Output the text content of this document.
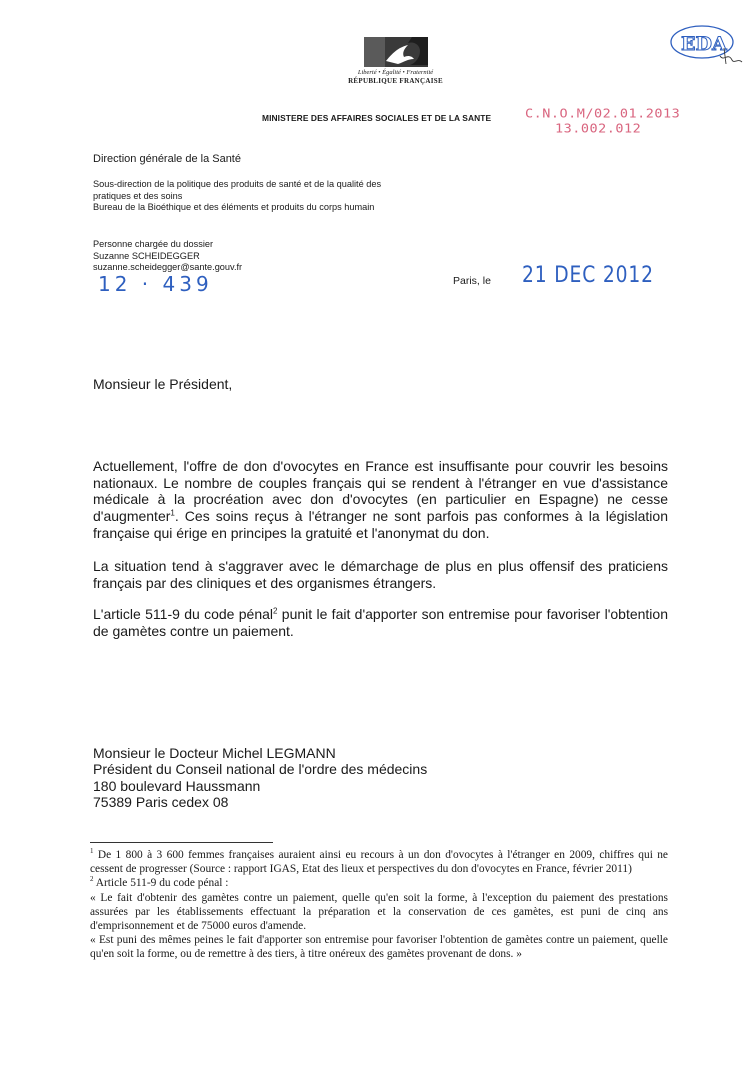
Liberté • Égalité • Fraternité
RÉPUBLIQUE FRANÇAISE
MINISTERE DES AFFAIRES SOCIALES ET DE LA SANTE	C.N.O.M/02.01.2013
13.002.012
EDA
Direction générale de la Santé
Sous-direction de la politique des produits de santé et de la qualité des pratiques et des soins
Bureau de la Bioéthique et des éléments et produits du corps humain
Personne chargée du dossier
Suzanne SCHEIDEGGER
suzanne.scheidegger@sante.gouv.fr
12 · 439	Paris, le 21 DEC 2012
Monsieur le Président,
Actuellement, l'offre de don d'ovocytes en France est insuffisante pour couvrir les besoins nationaux. Le nombre de couples français qui se rendent à l'étranger en vue d'assistance médicale à la procréation avec don d'ovocytes (en particulier en Espagne) ne cesse d'augmenter$^1$. Ces soins reçus à l'étranger ne sont parfois pas conformes à la législation française qui érige en principes la gratuité et l'anonymat du don.
La situation tend à s'aggraver avec le démarchage de plus en plus offensif des praticiens français par des cliniques et des organismes étrangers.
L'article 511-9 du code pénal$^2$ punit le fait d'apporter son entremise pour favoriser l'obtention de gamètes contre un paiement.
Monsieur le Docteur Michel LEGMANN
Président du Conseil national de l'ordre des médecins
180 boulevard Haussmann
75389 Paris cedex 08

$^1$ De 1 800 à 3 600 femmes françaises auraient ainsi eu recours à un don d'ovocytes à l'étranger en 2009, chiffres qui ne cessent de progresser (Source : rapport IGAS, Etat des lieux et perspectives du don d'ovocytes en France, février 2011)

$^2$ Article 511-9 du code pénal :

« Le fait d'obtenir des gamètes contre un paiement, quelle qu'en soit la forme, à l'exception du paiement des prestations assurées par les établissements effectuant la préparation et la conservation de ces gamètes, est puni de cinq ans d'emprisonnement et de 75000 euros d'amende.

« Est puni des mêmes peines le fait d'apporter son entremise pour favoriser l'obtention de gamètes contre un paiement, quelle qu'en soit la forme, ou de remettre à des tiers, à titre onéreux des gamètes provenant de dons. »
